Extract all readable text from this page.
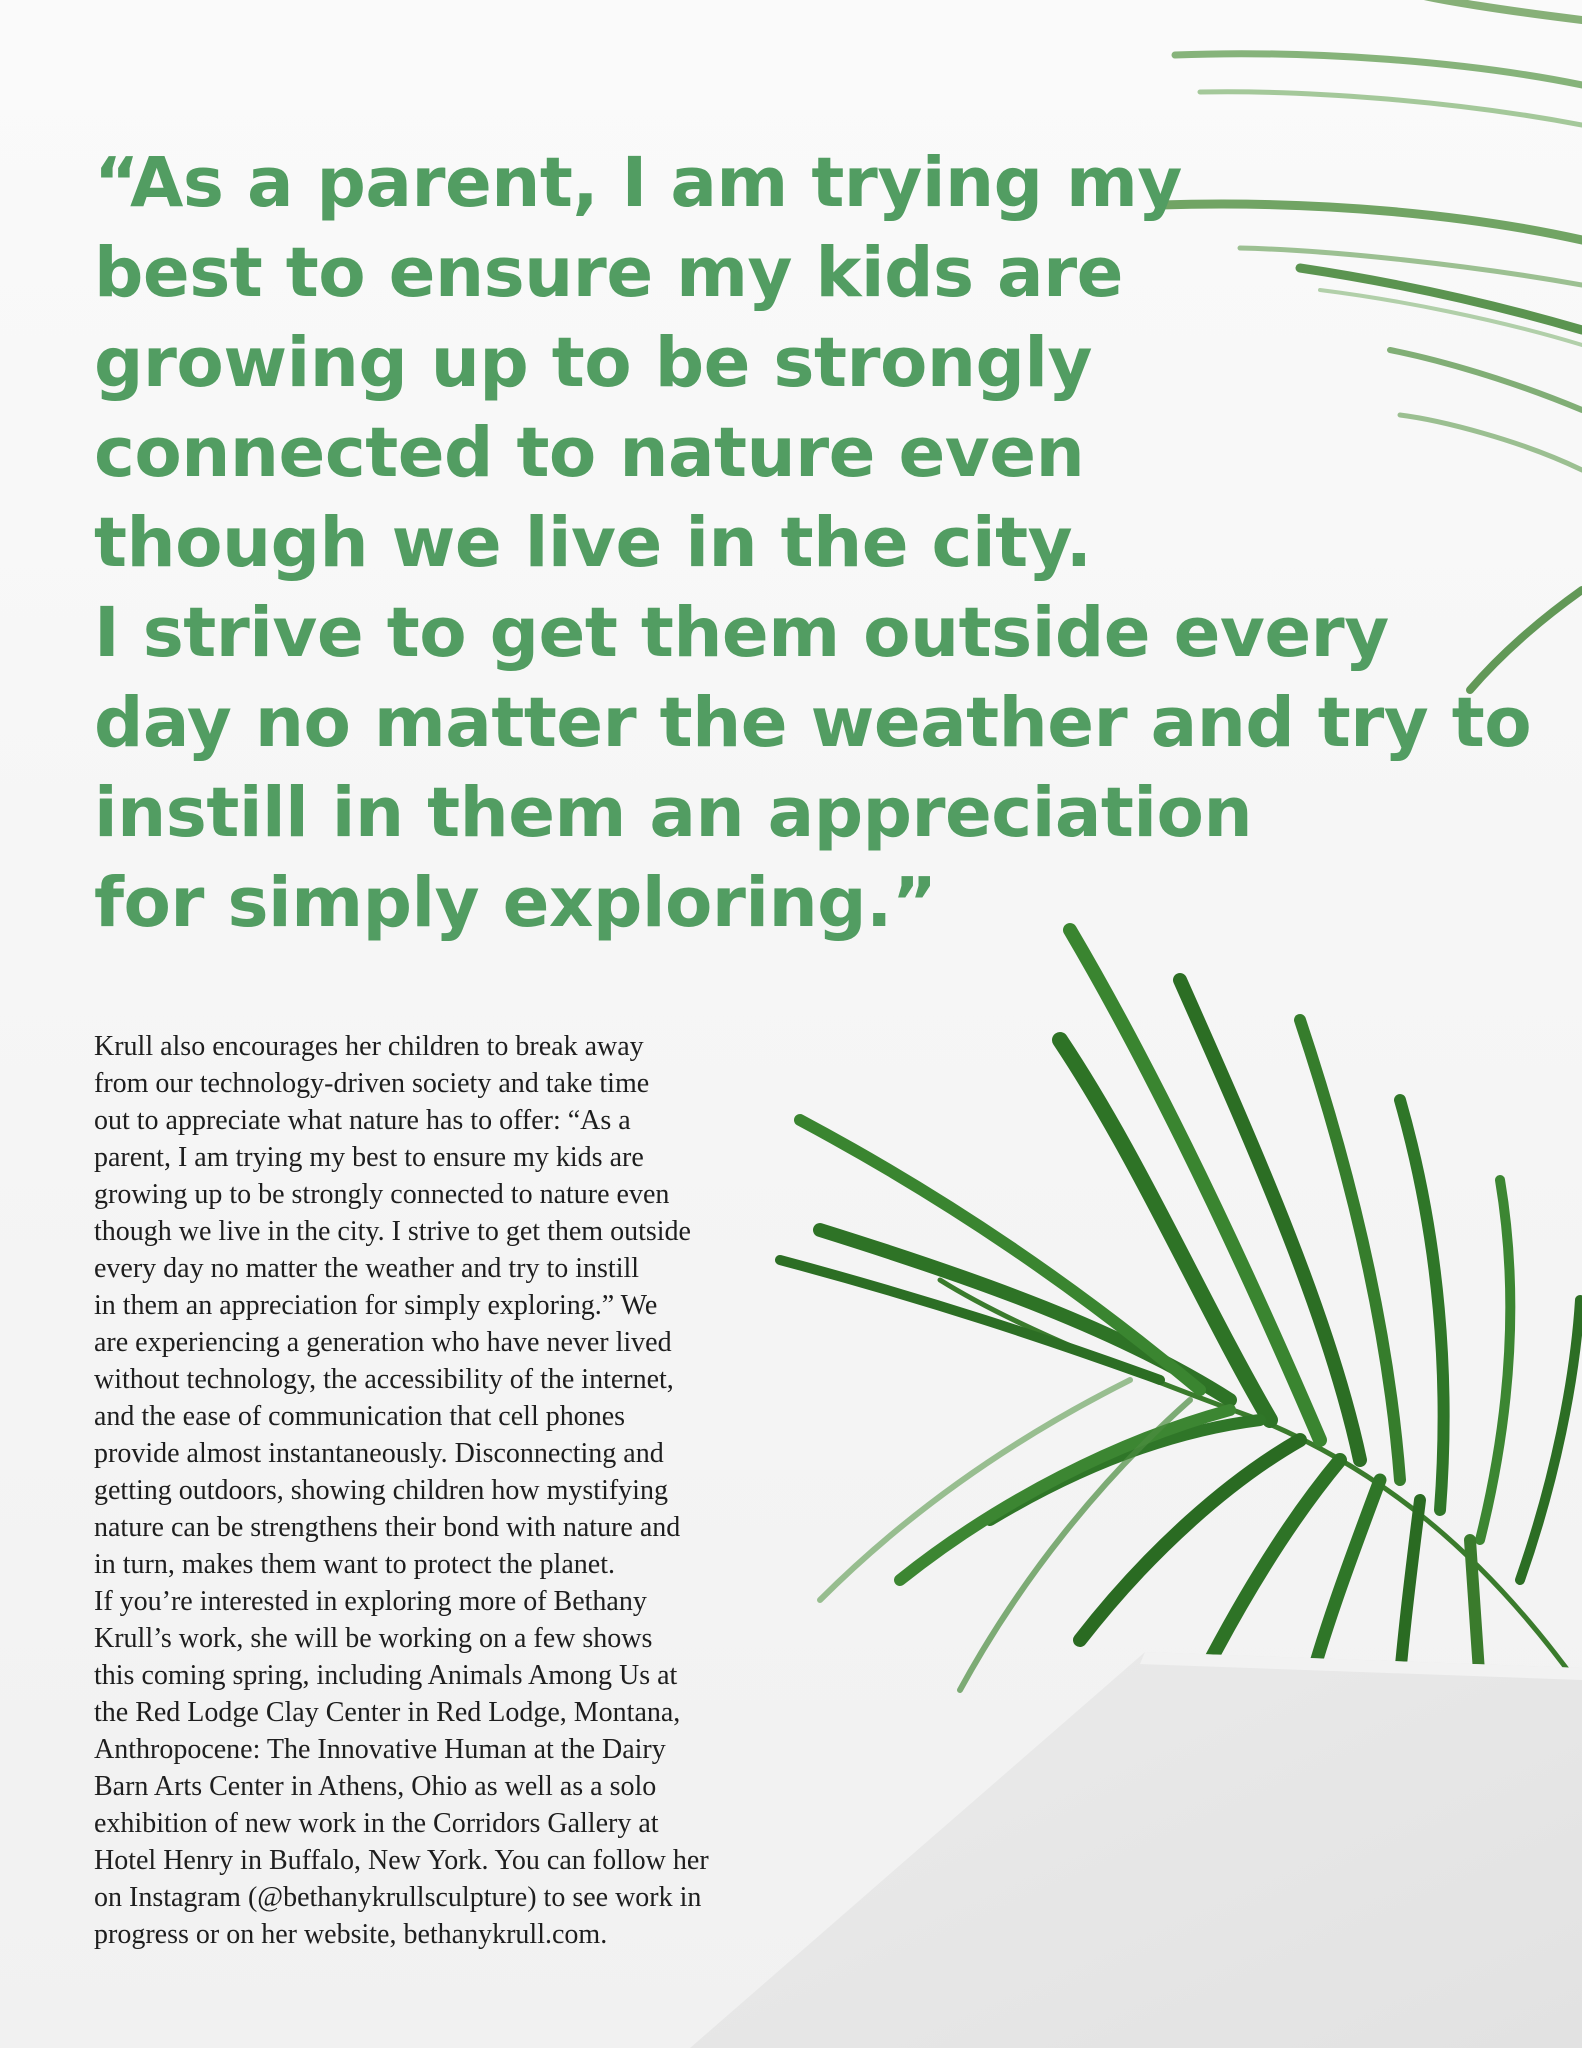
“As a parent, I am trying my
best to ensure my kids are
growing up to be strongly
connected to nature even
though we live in the city.
I strive to get them outside every
day no matter the weather and try to
instill in them an appreciation
for simply exploring.”
Krull also encourages her children to break away
from our technology-driven society and take time
out to appreciate what nature has to offer: “As a
parent, I am trying my best to ensure my kids are
growing up to be strongly connected to nature even
though we live in the city. I strive to get them outside
every day no matter the weather and try to instill
in them an appreciation for simply exploring.” We
are experiencing a generation who have never lived
without technology, the accessibility of the internet,
and the ease of communication that cell phones
provide almost instantaneously. Disconnecting and
getting outdoors, showing children how mystifying
nature can be strengthens their bond with nature and
in turn, makes them want to protect the planet.
If you’re interested in exploring more of Bethany
Krull’s work, she will be working on a few shows
this coming spring, including Animals Among Us at
the Red Lodge Clay Center in Red Lodge, Montana,
Anthropocene: The Innovative Human at the Dairy
Barn Arts Center in Athens, Ohio as well as a solo
exhibition of new work in the Corridors Gallery at
Hotel Henry in Buffalo, New York. You can follow her
on Instagram (@bethanykrullsculpture) to see work in
progress or on her website, bethanykrull.com.
